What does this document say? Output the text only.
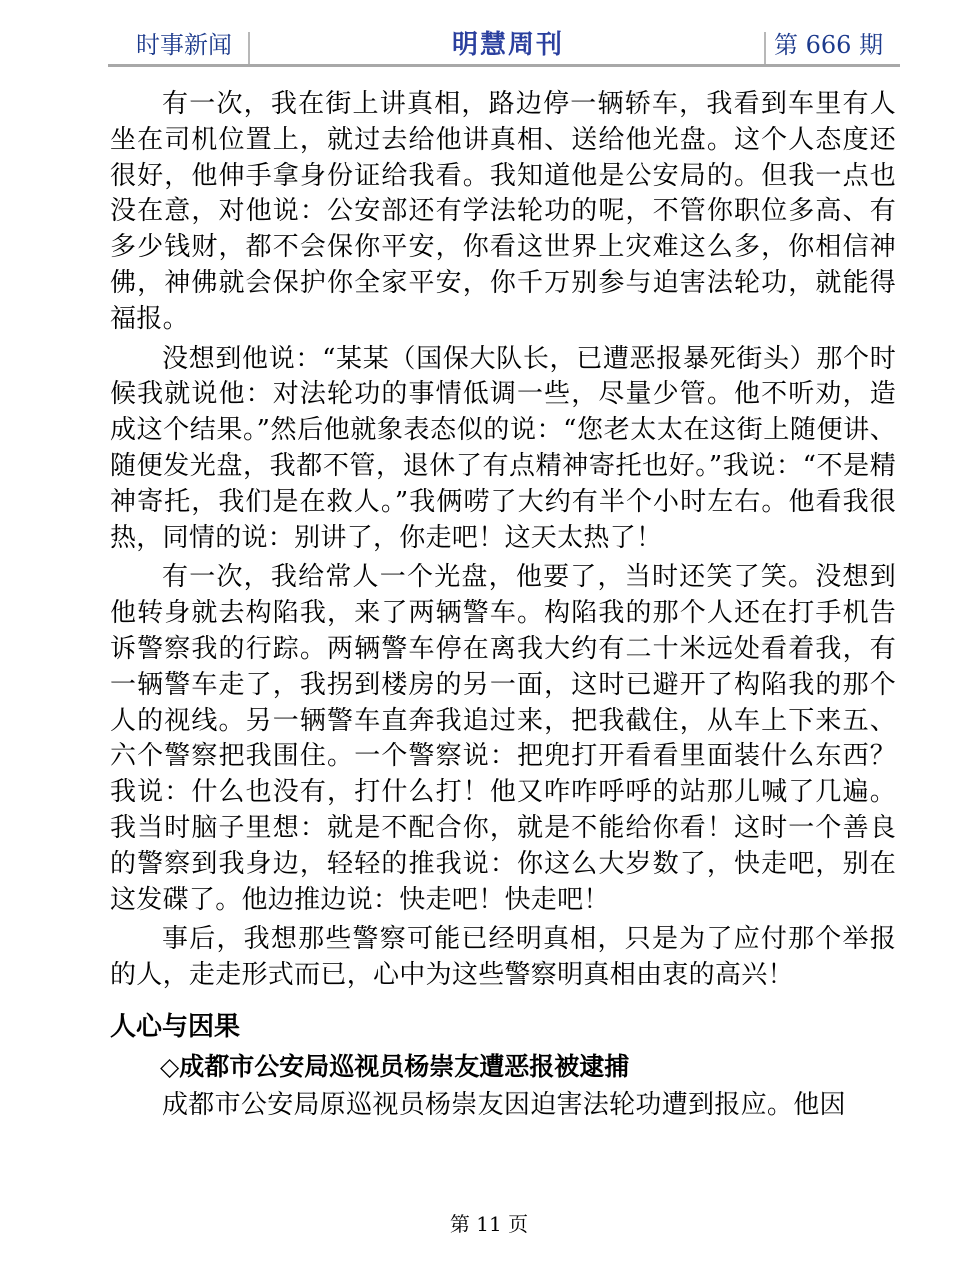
时事新闻	明慧周刊	第 666 期

有一次，我在街上讲真相，路边停一辆轿车，我看到车里有人坐在司机位置上，就过去给他讲真相、送给他光盘。这个人态度还很好，他伸手拿身份证给我看。我知道他是公安局的。但我一点也没在意，对他说：公安部还有学法轮功的呢，不管你职位多高、有多少钱财，都不会保你平安，你看这世界上灾难这么多，你相信神佛，神佛就会保护你全家平安，你千万别参与迫害法轮功，就能得福报。

没想到他说：“某某（国保大队长，已遭恶报暴死街头）那个时候我就说他：对法轮功的事情低调一些，尽量少管。他不听劝，造成这个结果。”然后他就象表态似的说：“您老太太在这街上随便讲、随便发光盘，我都不管，退休了有点精神寄托也好。”我说：“不是精神寄托，我们是在救人。”我俩唠了大约有半个小时左右。他看我很热，同情的说：别讲了，你走吧！这天太热了！

有一次，我给常人一个光盘，他要了，当时还笑了笑。没想到他转身就去构陷我，来了两辆警车。构陷我的那个人还在打手机告诉警察我的行踪。两辆警车停在离我大约有二十米远处看着我，有一辆警车走了，我拐到楼房的另一面，这时已避开了构陷我的那个人的视线。另一辆警车直奔我追过来，把我截住，从车上下来五、六个警察把我围住。一个警察说：把兜打开看看里面装什么东西？我说：什么也没有，打什么打！他又咋咋呼呼的站那儿喊了几遍。我当时脑子里想：就是不配合你，就是不能给你看！这时一个善良的警察到我身边，轻轻的推我说：你这么大岁数了，快走吧，别在这发碟了。他边推边说：快走吧！快走吧！

事后，我想那些警察可能已经明真相，只是为了应付那个举报的人，走走形式而已，心中为这些警察明真相由衷的高兴！

人心与因果
◇成都市公安局巡视员杨崇友遭恶报被逮捕

成都市公安局原巡视员杨崇友因迫害法轮功遭到报应。他因

第 11 页
